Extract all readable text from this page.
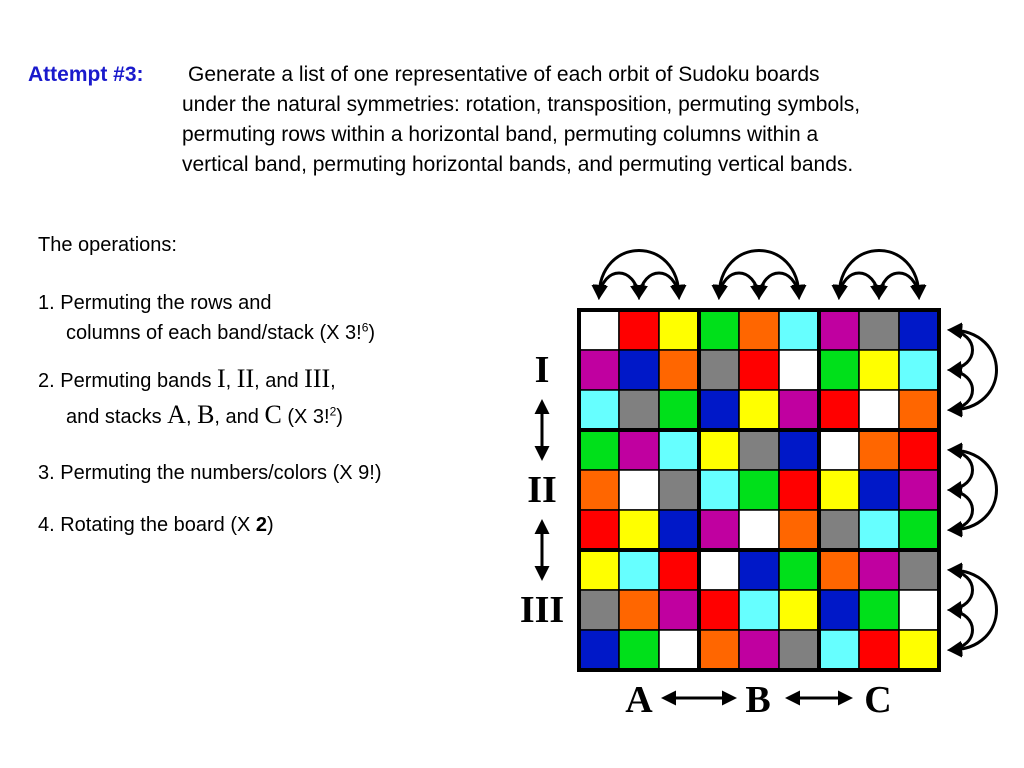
Attempt #3: Generate a list of one representative of each orbit of Sudoku boards
under the natural symmetries: rotation, transposition, permuting symbols,
permuting rows within a horizontal band, permuting columns within a
vertical band, permuting horizontal bands, and permuting vertical bands.
The operations:
1. Permuting the rows and
columns of each band/stack (X 3!$^6$)
2. Permuting bands I, II, and III,
and stacks A, B, and C (X 3!$^2$)
3. Permuting the numbers/colors (X 9!)
4. Rotating the board (X 2)
I
II
III
A B C
